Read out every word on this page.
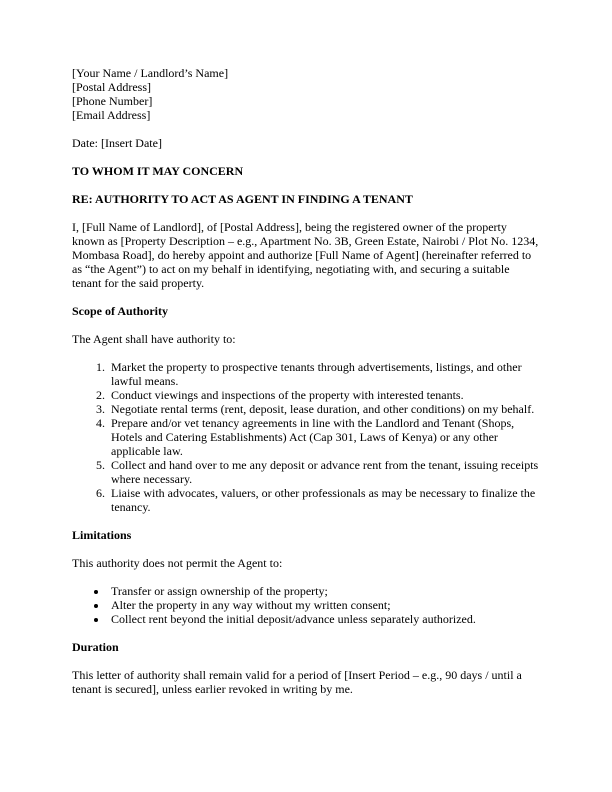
[Your Name / Landlord’s Name]

[Postal Address]

[Phone Number]

[Email Address]

Date: [Insert Date]

TO WHOM IT MAY CONCERN

RE: AUTHORITY TO ACT AS AGENT IN FINDING A TENANT

I, [Full Name of Landlord], of [Postal Address], being the registered owner of the property known as [Property Description – e.g., Apartment No. 3B, Green Estate, Nairobi / Plot No. 1234, Mombasa Road], do hereby appoint and authorize [Full Name of Agent] (hereinafter referred to as “the Agent”) to act on my behalf in identifying, negotiating with, and securing a suitable tenant for the said property.

Scope of Authority

The Agent shall have authority to:

1. Market the property to prospective tenants through advertisements, listings, and other lawful means.
2. Conduct viewings and inspections of the property with interested tenants.
3. Negotiate rental terms (rent, deposit, lease duration, and other conditions) on my behalf.
4. Prepare and/or vet tenancy agreements in line with the Landlord and Tenant (Shops, Hotels and Catering Establishments) Act (Cap 301, Laws of Kenya) or any other applicable law.
5. Collect and hand over to me any deposit or advance rent from the tenant, issuing receipts where necessary.
6. Liaise with advocates, valuers, or other professionals as may be necessary to finalize the tenancy.

Limitations

This authority does not permit the Agent to:

• Transfer or assign ownership of the property;
• Alter the property in any way without my written consent;
• Collect rent beyond the initial deposit/advance unless separately authorized.

Duration

This letter of authority shall remain valid for a period of [Insert Period – e.g., 90 days / until a tenant is secured], unless earlier revoked in writing by me.
